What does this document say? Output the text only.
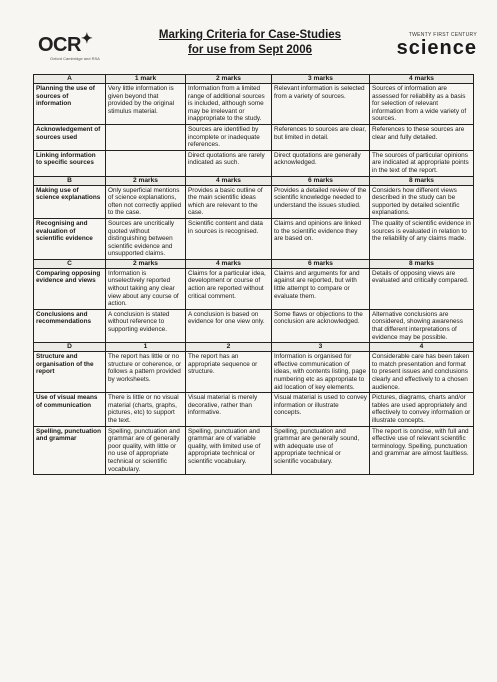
OCR✦
Oxford Cambridge and RSA
Marking Criteria for Case-Studies
for use from Sept 2006
TWENTY FIRST CENTURY
science
A	1 mark	2 marks	3 marks	4 marks
Planning the use of sources of information	Very little information is given beyond that provided by the original stimulus material.	Information from a limited range of additional sources is included, although some may be irrelevant or inappropriate to the study.	Relevant information is selected from a variety of sources.	Sources of information are assessed for reliability as a basis for selection of relevant information from a wide variety of sources.
Acknowledgement of sources used		Sources are identified by incomplete or inadequate references.	References to sources are clear, but limited in detail.	References to these sources are clear and fully detailed.
Linking information to specific sources		Direct quotations are rarely indicated as such.	Direct quotations are generally acknowledged.	The sources of particular opinions are indicated at appropriate points in the text of the report.
B	2 marks	4 marks	6 marks	8 marks
Making use of science explanations	Only superficial mentions of science explanations, often not correctly applied to the case.	Provides a basic outline of the main scientific ideas which are relevant to the case.	Provides a detailed review of the scientific knowledge needed to understand the issues studied.	Considers how different views described in the study can be supported by detailed scientific explanations.
Recognising and evaluation of scientific evidence	Sources are uncritically quoted without distinguishing between scientific evidence and unsupported claims.	Scientific content and data in sources is recognised.	Claims and opinions are linked to the scientific evidence they are based on.	The quality of scientific evidence in sources is evaluated in relation to the reliability of any claims made.
C	2 marks	4 marks	6 marks	8 marks
Comparing opposing evidence and views	Information is unselectively reported without taking any clear view about any course of action.	Claims for a particular idea, development or course of action are reported without critical comment.	Claims and arguments for and against are reported, but with little attempt to compare or evaluate them.	Details of opposing views are evaluated and critically compared.
Conclusions and recommendations	A conclusion is stated without reference to supporting evidence.	A conclusion is based on evidence for one view only.	Some flaws or objections to the conclusion are acknowledged.	Alternative conclusions are considered, showing awareness that different interpretations of evidence may be possible.
D	1	2	3	4
Structure and organisation of the report	The report has little or no structure or coherence, or follows a pattern provided by worksheets.	The report has an appropriate sequence or structure.	Information is organised for effective communication of ideas, with contents listing, page numbering etc as appropriate to aid location of key elements.	Considerable care has been taken to match presentation and format to present issues and conclusions clearly and effectively to a chosen audience.
Use of visual means of communication	There is little or no visual material (charts, graphs, pictures, etc) to support the text.	Visual material is merely decorative, rather than informative.	Visual material is used to convey information or illustrate concepts.	Pictures, diagrams, charts and/or tables are used appropriately and effectively to convey information or illustrate concepts.
Spelling, punctuation and grammar	Spelling, punctuation and grammar are of generally poor quality, with little or no use of appropriate technical or scientific vocabulary.	Spelling, punctuation and grammar are of variable quality, with limited use of appropriate technical or scientific vocabulary.	Spelling, punctuation and grammar are generally sound, with adequate use of appropriate technical or scientific vocabulary.	The report is concise, with full and effective use of relevant scientific terminology. Spelling, punctuation and grammar are almost faultless.
